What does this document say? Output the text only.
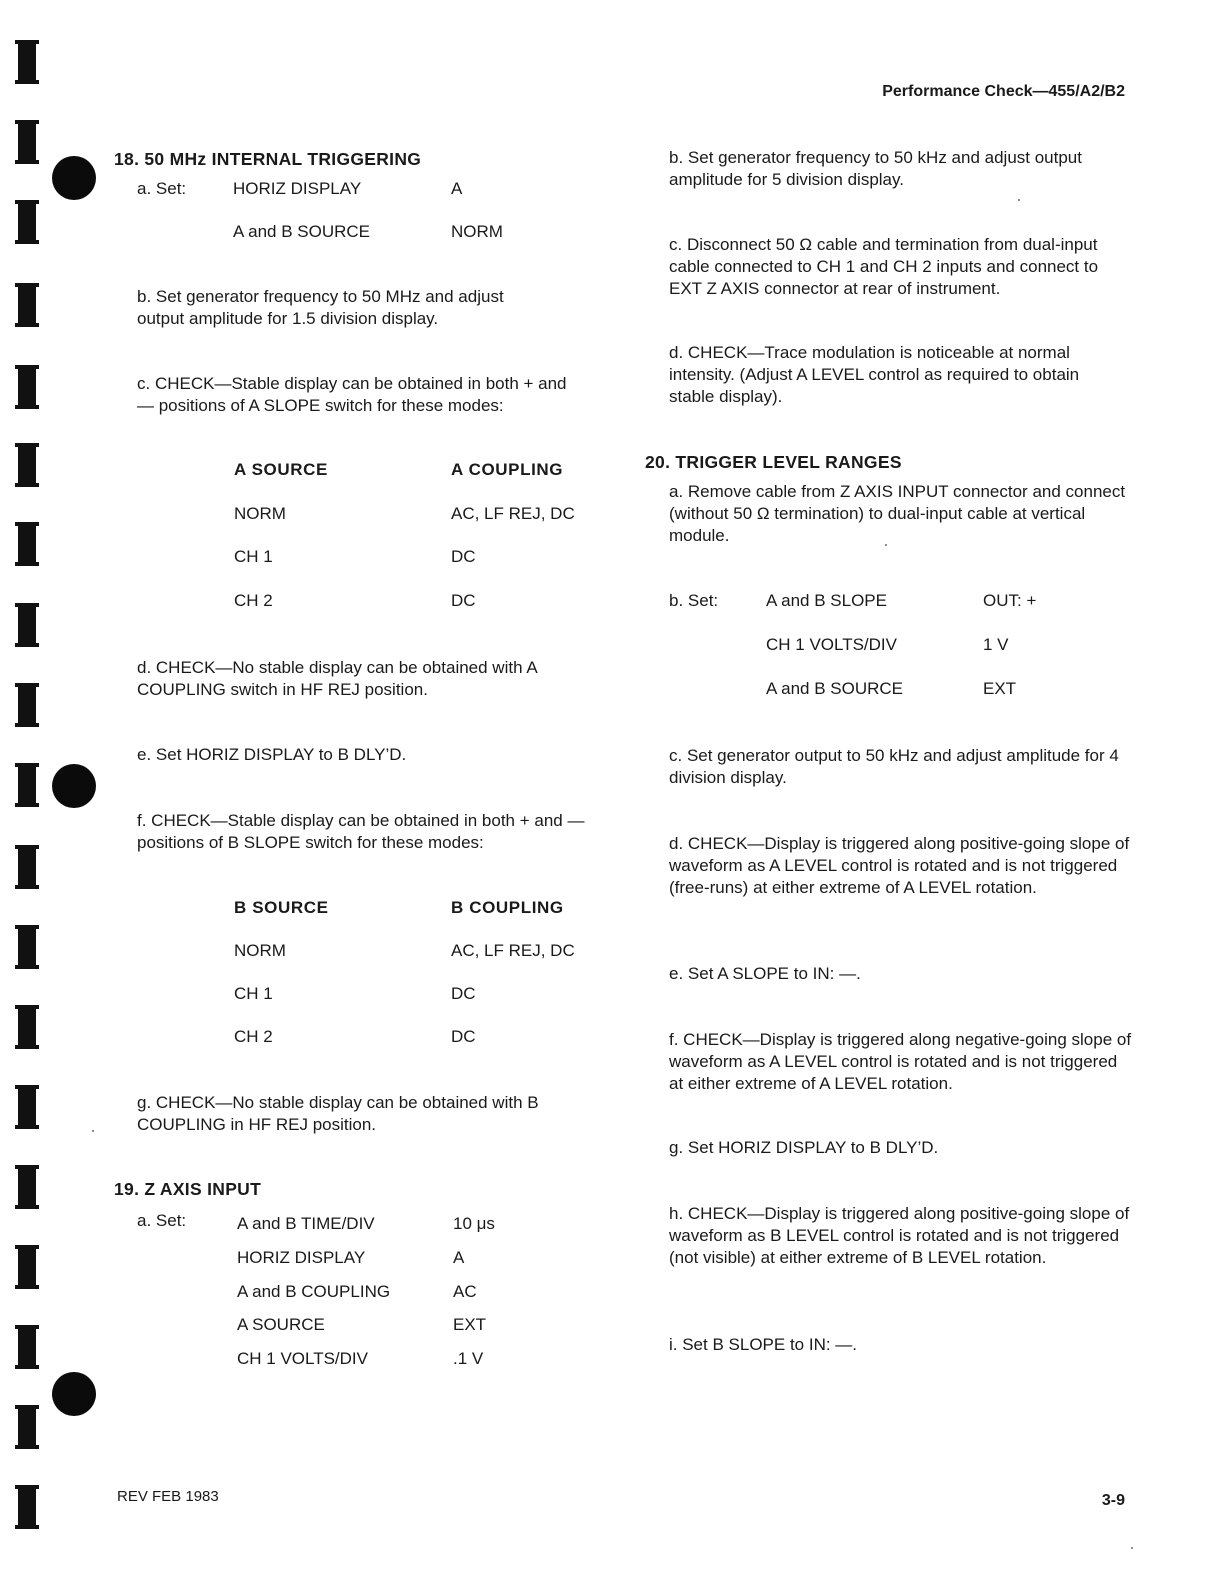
Performance Check—455/A2/B2
18. 50 MHz INTERNAL TRIGGERING
a. Set:	HORIZ DISPLAY	A
A and B SOURCE	NORM
b. Set generator frequency to 50 MHz and adjust output amplitude for 1.5 division display.
c. CHECK—Stable display can be obtained in both + and — positions of A SLOPE switch for these modes:
A SOURCE	A COUPLING
NORM	AC, LF REJ, DC
CH 1	DC
CH 2	DC
d. CHECK—No stable display can be obtained with A COUPLING switch in HF REJ position.
e. Set HORIZ DISPLAY to B DLY’D.
f. CHECK—Stable display can be obtained in both + and — positions of B SLOPE switch for these modes:
B SOURCE	B COUPLING
NORM	AC, LF REJ, DC
CH 1	DC
CH 2	DC
g. CHECK—No stable display can be obtained with B COUPLING in HF REJ position.
19. Z AXIS INPUT
a. Set:	A and B TIME/DIV	10 μs
HORIZ DISPLAY	A
A and B COUPLING	AC
A SOURCE	EXT
CH 1 VOLTS/DIV	.1 V
b. Set generator frequency to 50 kHz and adjust output amplitude for 5 division display.
c. Disconnect 50 Ω cable and termination from dual-input cable connected to CH 1 and CH 2 inputs and connect to EXT Z AXIS connector at rear of instrument.
d. CHECK—Trace modulation is noticeable at normal intensity. (Adjust A LEVEL control as required to obtain stable display).
20. TRIGGER LEVEL RANGES
a. Remove cable from Z AXIS INPUT connector and connect (without 50 Ω termination) to dual-input cable at vertical module.
b. Set:	A and B SLOPE	OUT: +
CH 1 VOLTS/DIV	1 V
A and B SOURCE	EXT
c. Set generator output to 50 kHz and adjust amplitude for 4 division display.
d. CHECK—Display is triggered along positive-going slope of waveform as A LEVEL control is rotated and is not triggered (free-runs) at either extreme of A LEVEL rotation.
e. Set A SLOPE to IN: —.
f. CHECK—Display is triggered along negative-going slope of waveform as A LEVEL control is rotated and is not triggered at either extreme of A LEVEL rotation.
g. Set HORIZ DISPLAY to B DLY’D.
h. CHECK—Display is triggered along positive-going slope of waveform as B LEVEL control is rotated and is not triggered (not visible) at either extreme of B LEVEL rotation.
i. Set B SLOPE to IN: —.
REV FEB 1983	3-9
